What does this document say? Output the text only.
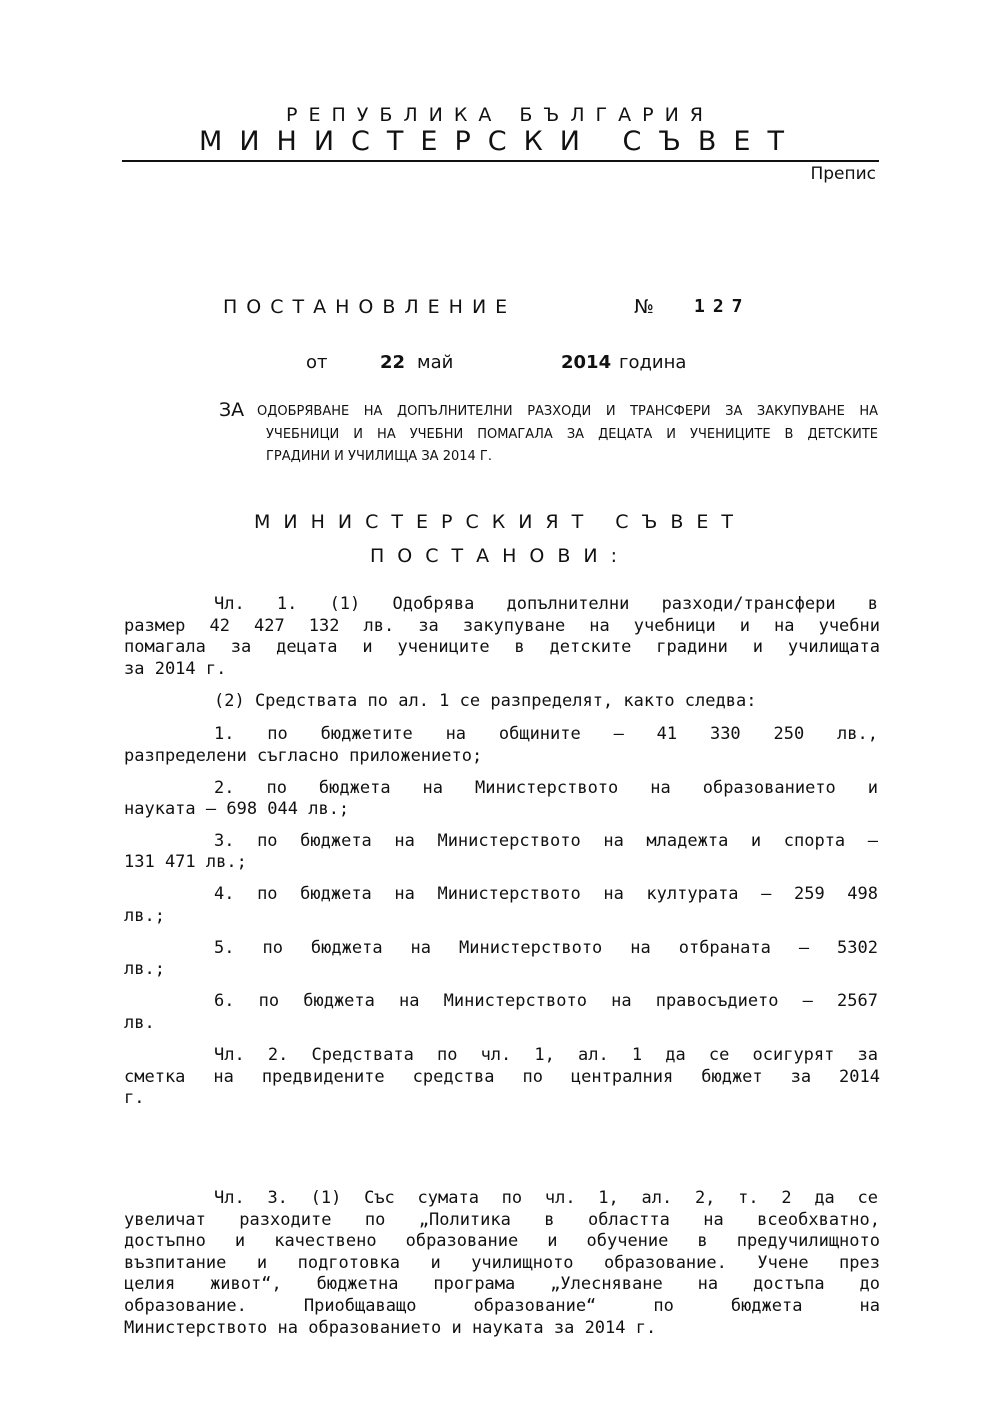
РЕПУБЛИКА БЪЛГАРИЯ
МИНИСТЕРСКИ СЪВЕТ
Препис
ПОСТАНОВЛЕНИЕ	№ 127
от	22 май	2014 година
ЗА ОДОБРЯВАНЕ НА ДОПЪЛНИТЕЛНИ РАЗХОДИ И ТРАНСФЕРИ ЗА ЗАКУПУВАНЕ НА
УЧЕБНИЦИ И НА УЧЕБНИ ПОМАГАЛА ЗА ДЕЦАТА И УЧЕНИЦИТЕ В ДЕТСКИТЕ
ГРАДИНИ И УЧИЛИЩА ЗА 2014 Г.
МИНИСТЕРСКИЯТ СЪВЕТ
ПОСТАНОВИ:
Чл. 1. (1) Одобрява допълнителни разходи/трансфери в
размер 42 427 132 лв. за закупуване на учебници и на учебни
помагала за децата и учениците в детските градини и училищата
за 2014 г.
(2) Средствата по ал. 1 се разпределят, както следва:
1. по бюджетите на общините – 41 330 250 лв.,
разпределени съгласно приложението;
2. по бюджета на Министерството на образованието и
науката – 698 044 лв.;
3. по бюджета на Министерството на младежта и спорта –
131 471 лв.;
4. по бюджета на Министерството на културата – 259 498
лв.;
5. по бюджета на Министерството на отбраната – 5302
лв.;
6. по бюджета на Министерството на правосъдието – 2567
лв.
Чл. 2. Средствата по чл. 1, ал. 1 да се осигурят за
сметка на предвидените средства по централния бюджет за 2014
г.
Чл. 3. (1) Със сумата по чл. 1, ал. 2, т. 2 да се
увеличат разходите по „Политика в областта на всеобхватно,
достъпно и качествено образование и обучение в предучилищното
възпитание и подготовка и училищното образование. Учене през
целия живот“, бюджетна програма „Улесняване на достъпа до
образование. Приобщаващо образование“ по бюджета на
Министерството на образованието и науката за 2014 г.
